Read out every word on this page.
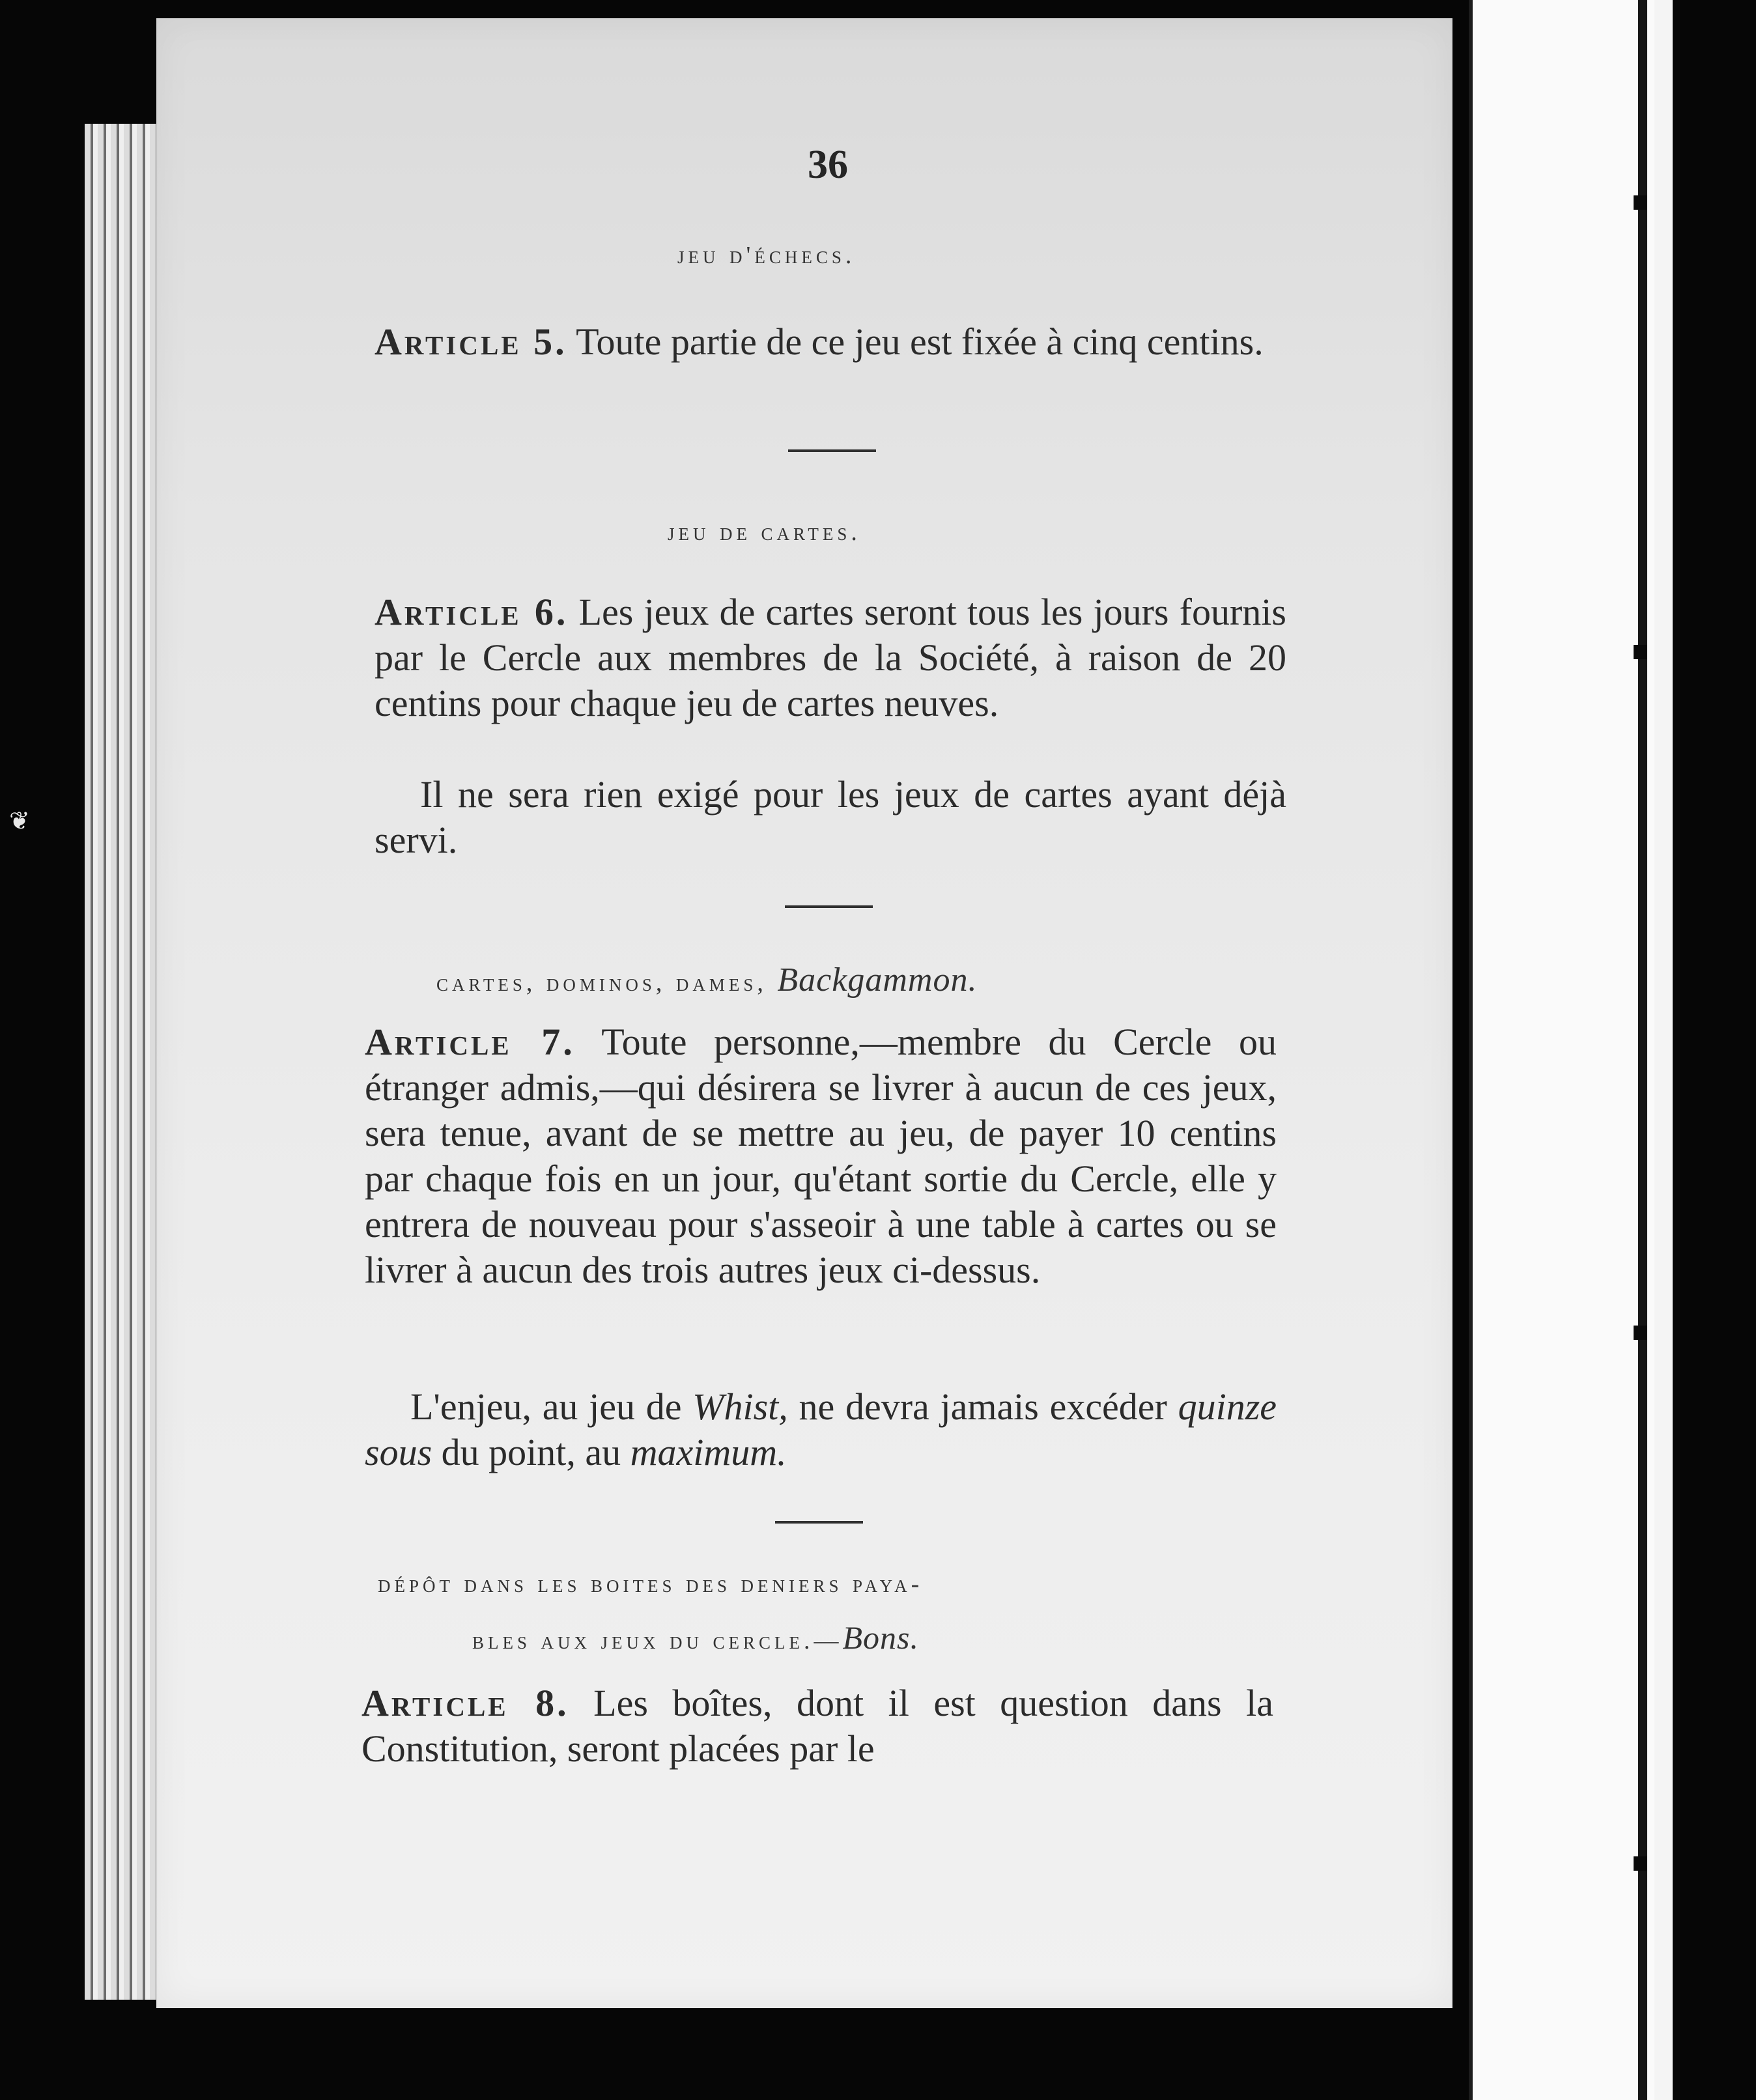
❦
36
jeu d'échecs.
Article 5. Toute partie de ce jeu est fixée à cinq centins.
jeu de cartes.
Article 6. Les jeux de cartes seront tous les jours fournis par le Cercle aux membres de la Société, à raison de 20 centins pour chaque jeu de cartes neuves.
Il ne sera rien exigé pour les jeux de cartes ayant déjà servi.
cartes, dominos, dames, Backgammon.
Article 7. Toute personne,—membre du Cercle ou étranger admis,—qui désirera se livrer à aucun de ces jeux, sera tenue, avant de se mettre au jeu, de payer 10 centins par chaque fois en un jour, qu'étant sortie du Cercle, elle y entrera de nouveau pour s'asseoir à une table à cartes ou se livrer à aucun des trois autres jeux ci-dessus.
L'enjeu, au jeu de Whist, ne devra jamais excéder quinze sous du point, au maximum.
dépôt dans les boites des deniers paya-
bles aux jeux du cercle.—Bons.
Article 8. Les boîtes, dont il est question dans la Constitution, seront placées par le
